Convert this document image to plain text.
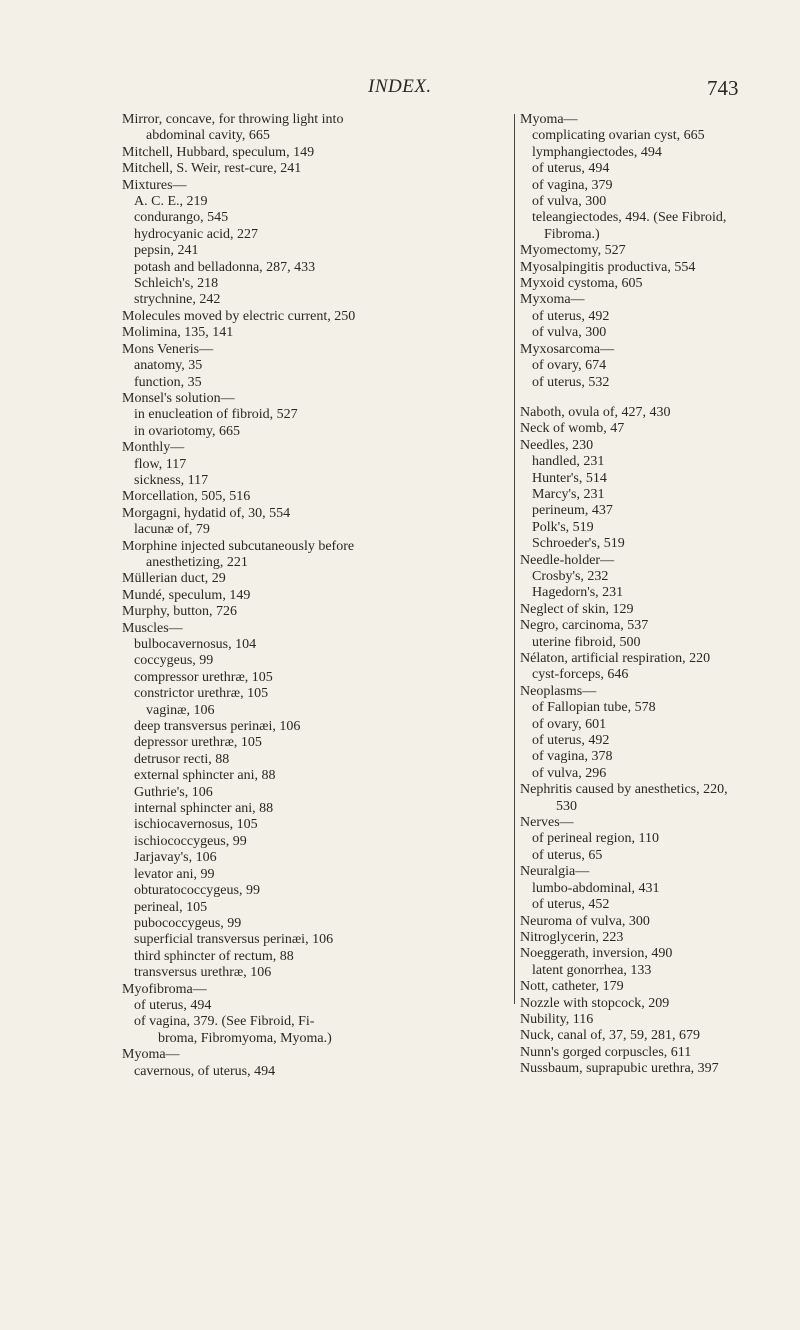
INDEX.	743
Mirror, concave, for throwing light into
abdominal cavity, 665
Mitchell, Hubbard, speculum, 149
Mitchell, S. Weir, rest-cure, 241
Mixtures—
A. C. E., 219
condurango, 545
hydrocyanic acid, 227
pepsin, 241
potash and belladonna, 287, 433
Schleich's, 218
strychnine, 242
Molecules moved by electric current, 250
Molimina, 135, 141
Mons Veneris—
anatomy, 35
function, 35
Monsel's solution—
in enucleation of fibroid, 527
in ovariotomy, 665
Monthly—
flow, 117
sickness, 117
Morcellation, 505, 516
Morgagni, hydatid of, 30, 554
lacunæ of, 79
Morphine injected subcutaneously before
anesthetizing, 221
Müllerian duct, 29
Mundé, speculum, 149
Murphy, button, 726
Muscles—
bulbocavernosus, 104
coccygeus, 99
compressor urethræ, 105
constrictor urethræ, 105
vaginæ, 106
deep transversus perinæi, 106
depressor urethræ, 105
detrusor recti, 88
external sphincter ani, 88
Guthrie's, 106
internal sphincter ani, 88
ischiocavernosus, 105
ischiococcygeus, 99
Jarjavay's, 106
levator ani, 99
obturatococcygeus, 99
perineal, 105
pubococcygeus, 99
superficial transversus perinæi, 106
third sphincter of rectum, 88
transversus urethræ, 106
Myofibroma—
of uterus, 494
of vagina, 379. (See Fibroid, Fi-
broma, Fibromyoma, Myoma.)
Myoma—
cavernous, of uterus, 494
Myoma—
complicating ovarian cyst, 665
lymphangiectodes, 494
of uterus, 494
of vagina, 379
of vulva, 300
teleangiectodes, 494. (See Fibroid,
Fibroma.)
Myomectomy, 527
Myosalpingitis productiva, 554
Myxoid cystoma, 605
Myxoma—
of uterus, 492
of vulva, 300
Myxosarcoma—
of ovary, 674
of uterus, 532
Naboth, ovula of, 427, 430
Neck of womb, 47
Needles, 230
handled, 231
Hunter's, 514
Marcy's, 231
perineum, 437
Polk's, 519
Schroeder's, 519
Needle-holder—
Crosby's, 232
Hagedorn's, 231
Neglect of skin, 129
Negro, carcinoma, 537
uterine fibroid, 500
Nélaton, artificial respiration, 220
cyst-forceps, 646
Neoplasms—
of Fallopian tube, 578
of ovary, 601
of uterus, 492
of vagina, 378
of vulva, 296
Nephritis caused by anesthetics, 220,
530
Nerves—
of perineal region, 110
of uterus, 65
Neuralgia—
lumbo-abdominal, 431
of uterus, 452
Neuroma of vulva, 300
Nitroglycerin, 223
Noeggerath, inversion, 490
latent gonorrhea, 133
Nott, catheter, 179
Nozzle with stopcock, 209
Nubility, 116
Nuck, canal of, 37, 59, 281, 679
Nunn's gorged corpuscles, 611
Nussbaum, suprapubic urethra, 397
